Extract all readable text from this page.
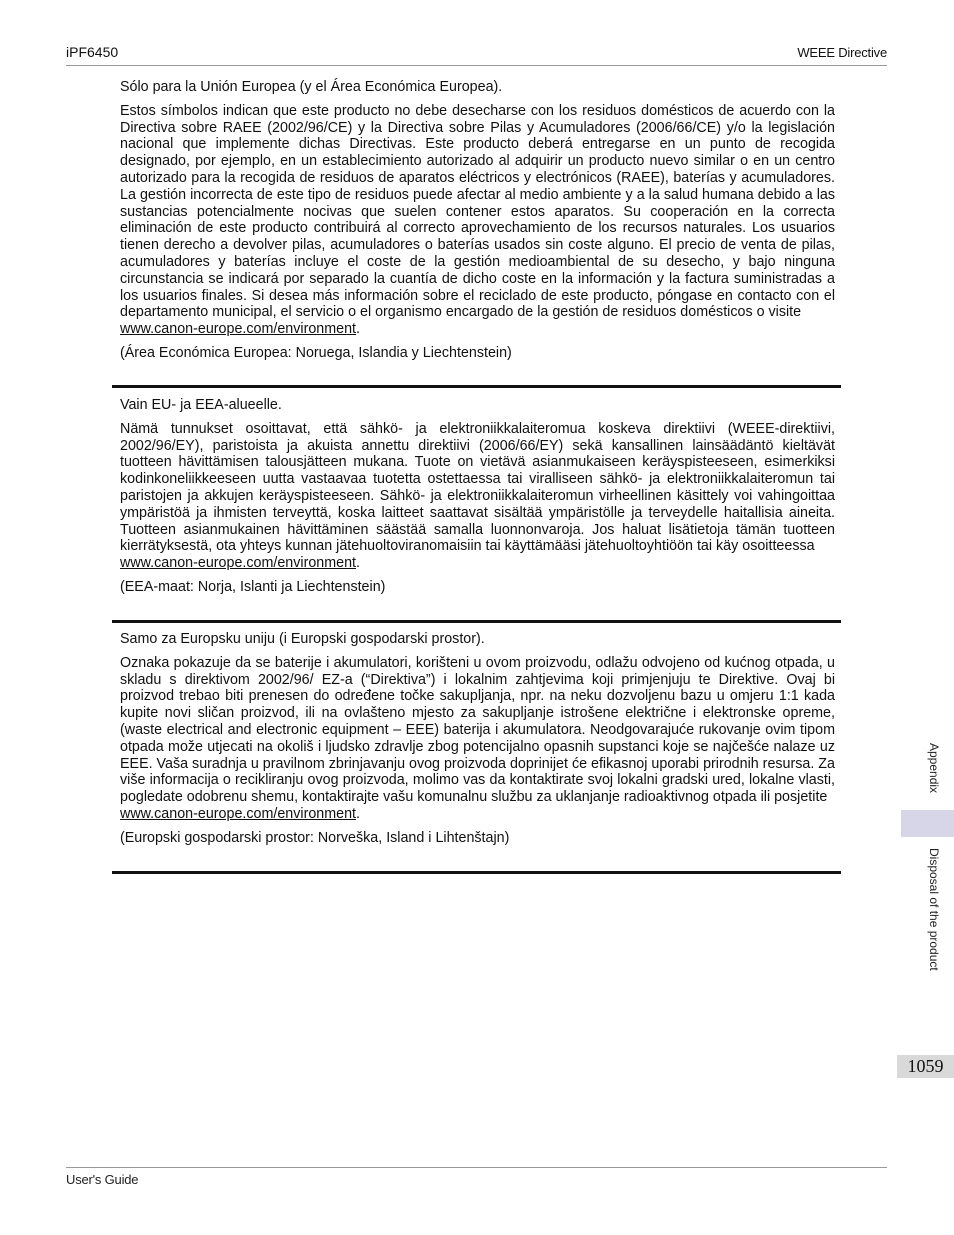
iPF6450	WEEE Directive

Sólo para la Unión Europea (y el Área Económica Europea).

Estos símbolos indican que este producto no debe desecharse con los residuos domésticos de acuerdo con la Directiva sobre RAEE (2002/96/CE) y la Directiva sobre Pilas y Acumuladores (2006/66/CE) y/o la legislación nacional que implemente dichas Directivas. Este producto deberá entregarse en un punto de recogida designado, por ejemplo, en un establecimiento autorizado al adquirir un producto nuevo similar o en un centro autorizado para la recogida de residuos de aparatos eléctricos y electrónicos (RAEE), baterías y acumuladores. La gestión incorrecta de este tipo de residuos puede afectar al medio ambiente y a la salud humana debido a las sustancias potencialmente nocivas que suelen contener estos aparatos. Su cooperación en la correcta eliminación de este producto contribuirá al correcto aprovechamiento de los recursos naturales. Los usuarios tienen derecho a devolver pilas, acumuladores o baterías usados sin coste alguno. El precio de venta de pilas, acumuladores y baterías incluye el coste de la gestión medioambiental de su desecho, y bajo ninguna circunstancia se indicará por separado la cuantía de dicho coste en la información y la factura suministradas a los usuarios finales. Si desea más información sobre el reciclado de este producto, póngase en contacto con el departamento municipal, el servicio o el organismo encargado de la gestión de residuos domésticos o visite
www.canon-europe.com/environment.

(Área Económica Europea: Noruega, Islandia y Liechtenstein)

Vain EU- ja EEA-alueelle.

Nämä tunnukset osoittavat, että sähkö- ja elektroniikkalaiteromua koskeva direktiivi (WEEE-direktiivi, 2002/96/EY), paristoista ja akuista annettu direktiivi (2006/66/EY) sekä kansallinen lainsäädäntö kieltävät tuotteen hävittämisen talousjätteen mukana. Tuote on vietävä asianmukaiseen keräyspisteeseen, esimerkiksi kodinkoneliikkeeseen uutta vastaavaa tuotetta ostettaessa tai viralliseen sähkö- ja elektroniikkalaiteromun tai paristojen ja akkujen keräyspisteeseen. Sähkö- ja elektroniikkalaiteromun virheellinen käsittely voi vahingoittaa ympäristöä ja ihmisten terveyttä, koska laitteet saattavat sisältää ympäristölle ja terveydelle haitallisia aineita. Tuotteen asianmukainen hävittäminen säästää samalla luonnonvaroja. Jos haluat lisätietoja tämän tuotteen kierrätyksestä, ota yhteys kunnan jätehuoltoviranomaisiin tai käyttämääsi jätehuoltoyhtiöön tai käy osoitteessa
www.canon-europe.com/environment.

(EEA-maat: Norja, Islanti ja Liechtenstein)

Samo za Europsku uniju (i Europski gospodarski prostor).

Oznaka pokazuje da se baterije i akumulatori, korišteni u ovom proizvodu, odlažu odvojeno od kućnog otpada, u skladu s direktivom 2002/96/ EZ-a (“Direktiva”) i lokalnim zahtjevima koji primjenjuju te Direktive. Ovaj bi proizvod trebao biti prenesen do određene točke sakupljanja, npr. na neku dozvoljenu bazu u omjeru 1:1 kada kupite novi sličan proizvod, ili na ovlašteno mjesto za sakupljanje istrošene električne i elektronske opreme, (waste electrical and electronic equipment – EEE) baterija i akumulatora. Neodgovarajuće rukovanje ovim tipom otpada može utjecati na okoliš i ljudsko zdravlje zbog potencijalno opasnih supstanci koje se najčešće nalaze uz EEE. Vaša suradnja u pravilnom zbrinjavanju ovog proizvoda doprinijet će efikasnoj uporabi prirodnih resursa. Za više informacija o recikliranju ovog proizvoda, molimo vas da kontaktirate svoj lokalni gradski ured, lokalne vlasti, pogledate odobrenu shemu, kontaktirajte vašu komunalnu službu za uklanjanje radioaktivnog otpada ili posjetite
www.canon-europe.com/environment.

(Europski gospodarski prostor: Norveška, Island i Lihtenštajn)

Appendix
Disposal of the product
1059
User's Guide
